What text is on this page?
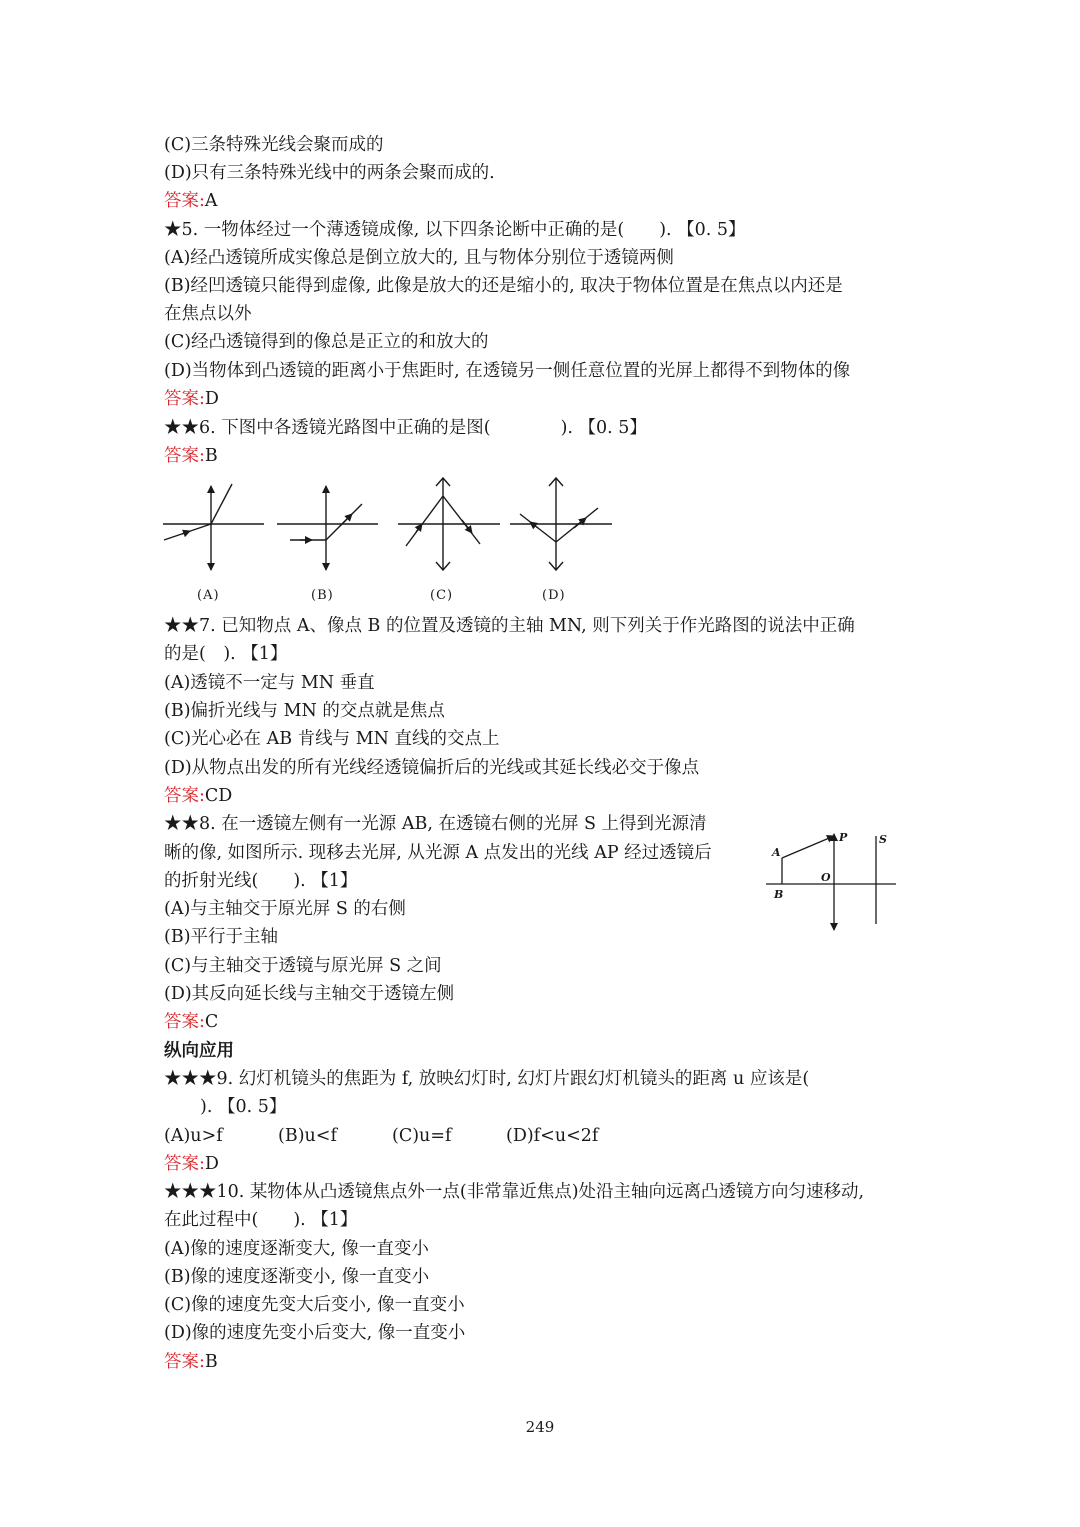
(C)三条特殊光线会聚而成的
(D)只有三条特殊光线中的两条会聚而成的.
答案:A
★5. 一物体经过一个薄透镜成像, 以下四条论断中正确的是(　　). 【0. 5】
(A)经凸透镜所成实像总是倒立放大的, 且与物体分别位于透镜两侧
(B)经凹透镜只能得到虚像, 此像是放大的还是缩小的, 取决于物体位置是在焦点以内还是
在焦点以外
(C)经凸透镜得到的像总是正立的和放大的
(D)当物体到凸透镜的距离小于焦距时, 在透镜另一侧任意位置的光屏上都得不到物体的像
答案:D
★★6. 下图中各透镜光路图中正确的是图(　　　　). 【0. 5】
答案:B
(A)	(B)	(C)	(D)
★★7. 已知物点 A、像点 B 的位置及透镜的主轴 MN, 则下列关于作光路图的说法中正确
的是(　). 【1】
(A)透镜不一定与 MN 垂直
(B)偏折光线与 MN 的交点就是焦点
(C)光心必在 AB 肯线与 MN 直线的交点上
(D)从物点出发的所有光线经透镜偏折后的光线或其延长线必交于像点
答案:CD
★★8. 在一透镜左侧有一光源 AB, 在透镜右侧的光屏 S 上得到光源清
晰的像, 如图所示. 现移去光屏, 从光源 A 点发出的光线 AP 经过透镜后
的折射光线(　　). 【1】
(A)与主轴交于原光屏 S 的右侧
(B)平行于主轴
(C)与主轴交于透镜与原光屏 S 之间
(D)其反向延长线与主轴交于透镜左侧
答案:C
A
B
P	S
O
纵向应用
★★★9. 幻灯机镜头的焦距为 f, 放映幻灯时, 幻灯片跟幻灯机镜头的距离 u 应该是(
). 【0. 5】
(A)u>f	(B)u<f	(C)u=f	(D)f<u<2f
答案:D
★★★10. 某物体从凸透镜焦点外一点(非常靠近焦点)处沿主轴向远离凸透镜方向匀速移动,
在此过程中(　　). 【1】
(A)像的速度逐渐变大, 像一直变小
(B)像的速度逐渐变小, 像一直变小
(C)像的速度先变大后变小, 像一直变小
(D)像的速度先变小后变大, 像一直变小
答案:B
249
